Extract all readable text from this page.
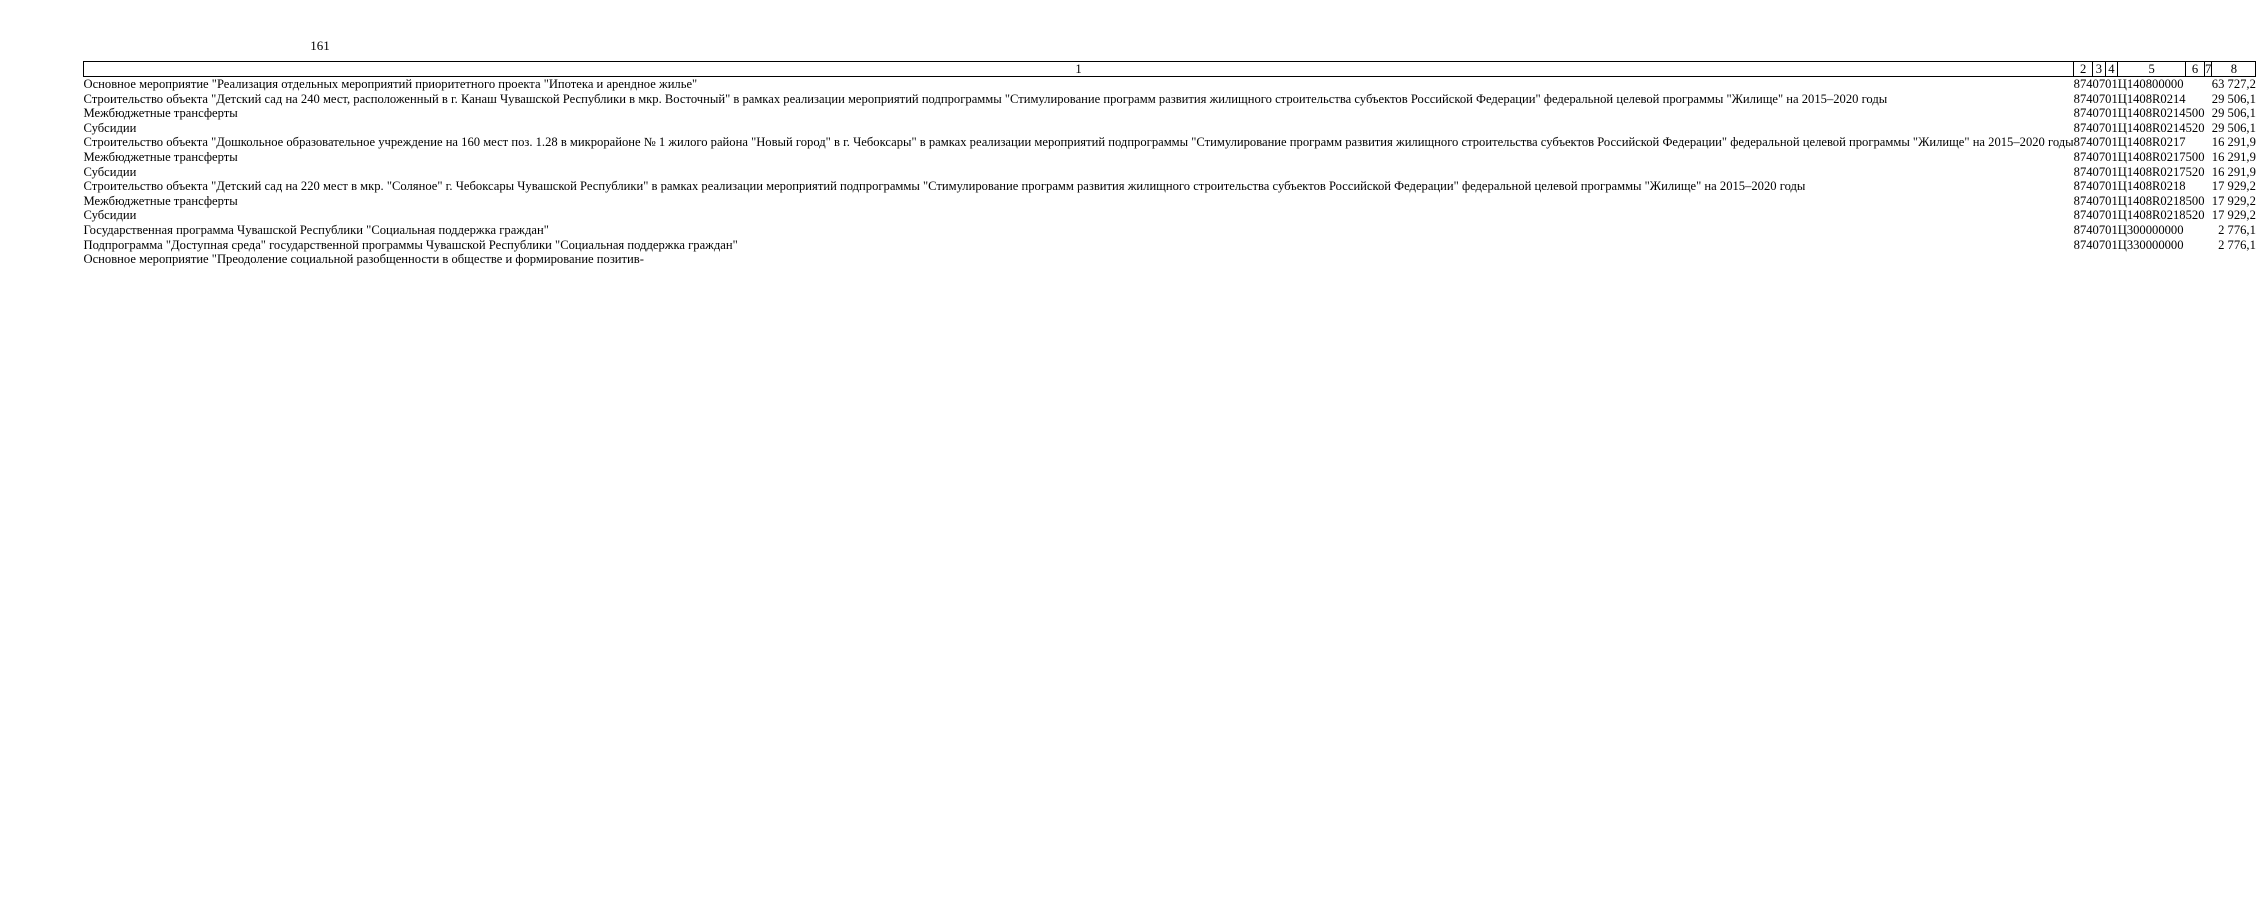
161
1	2	3	4	5	6	7	8
Основное мероприятие "Реализация отдельных мероприятий приоритетного проекта "Ипотека и арендное жилье"	874	07	01	Ц140800000			63 727,2
Строительство объекта "Детский сад на 240 мест, расположенный в г. Канаш Чувашской Республики в мкр. Восточный" в рамках реализации мероприятий подпрограммы "Стимулирование программ развития жилищного строительства субъектов Российской Федерации" федеральной целевой программы "Жилище" на 2015–2020 годы	874	07	01	Ц1408R0214			29 506,1
Межбюджетные трансферты	874	07	01	Ц1408R0214	500		29 506,1
Субсидии	874	07	01	Ц1408R0214	520		29 506,1
Строительство объекта "Дошкольное образовательное учреждение на 160 мест поз. 1.28 в микрорайоне № 1 жилого района "Новый город" в г. Чебоксары" в рамках реализации мероприятий подпрограммы "Стимулирование программ развития жилищного строительства субъектов Российской Федерации" федеральной целевой программы "Жилище" на 2015–2020 годы	874	07	01	Ц1408R0217			16 291,9
Межбюджетные трансферты	874	07	01	Ц1408R0217	500		16 291,9
Субсидии	874	07	01	Ц1408R0217	520		16 291,9
Строительство объекта "Детский сад на 220 мест в мкр. "Соляное" г. Чебоксары Чувашской Республики" в рамках реализации мероприятий подпрограммы "Стимулирование программ развития жилищного строительства субъектов Российской Федерации" федеральной целевой программы "Жилище" на 2015–2020 годы	874	07	01	Ц1408R0218			17 929,2
Межбюджетные трансферты	874	07	01	Ц1408R0218	500		17 929,2
Субсидии	874	07	01	Ц1408R0218	520		17 929,2
Государственная программа Чувашской Республики "Социальная поддержка граждан"	874	07	01	Ц300000000			2 776,1
Подпрограмма "Доступная среда" государственной программы Чувашской Республики "Социальная поддержка граждан"	874	07	01	Ц330000000			2 776,1
Основное мероприятие "Преодоление социальной разобщенности в обществе и формирование позитив-							
